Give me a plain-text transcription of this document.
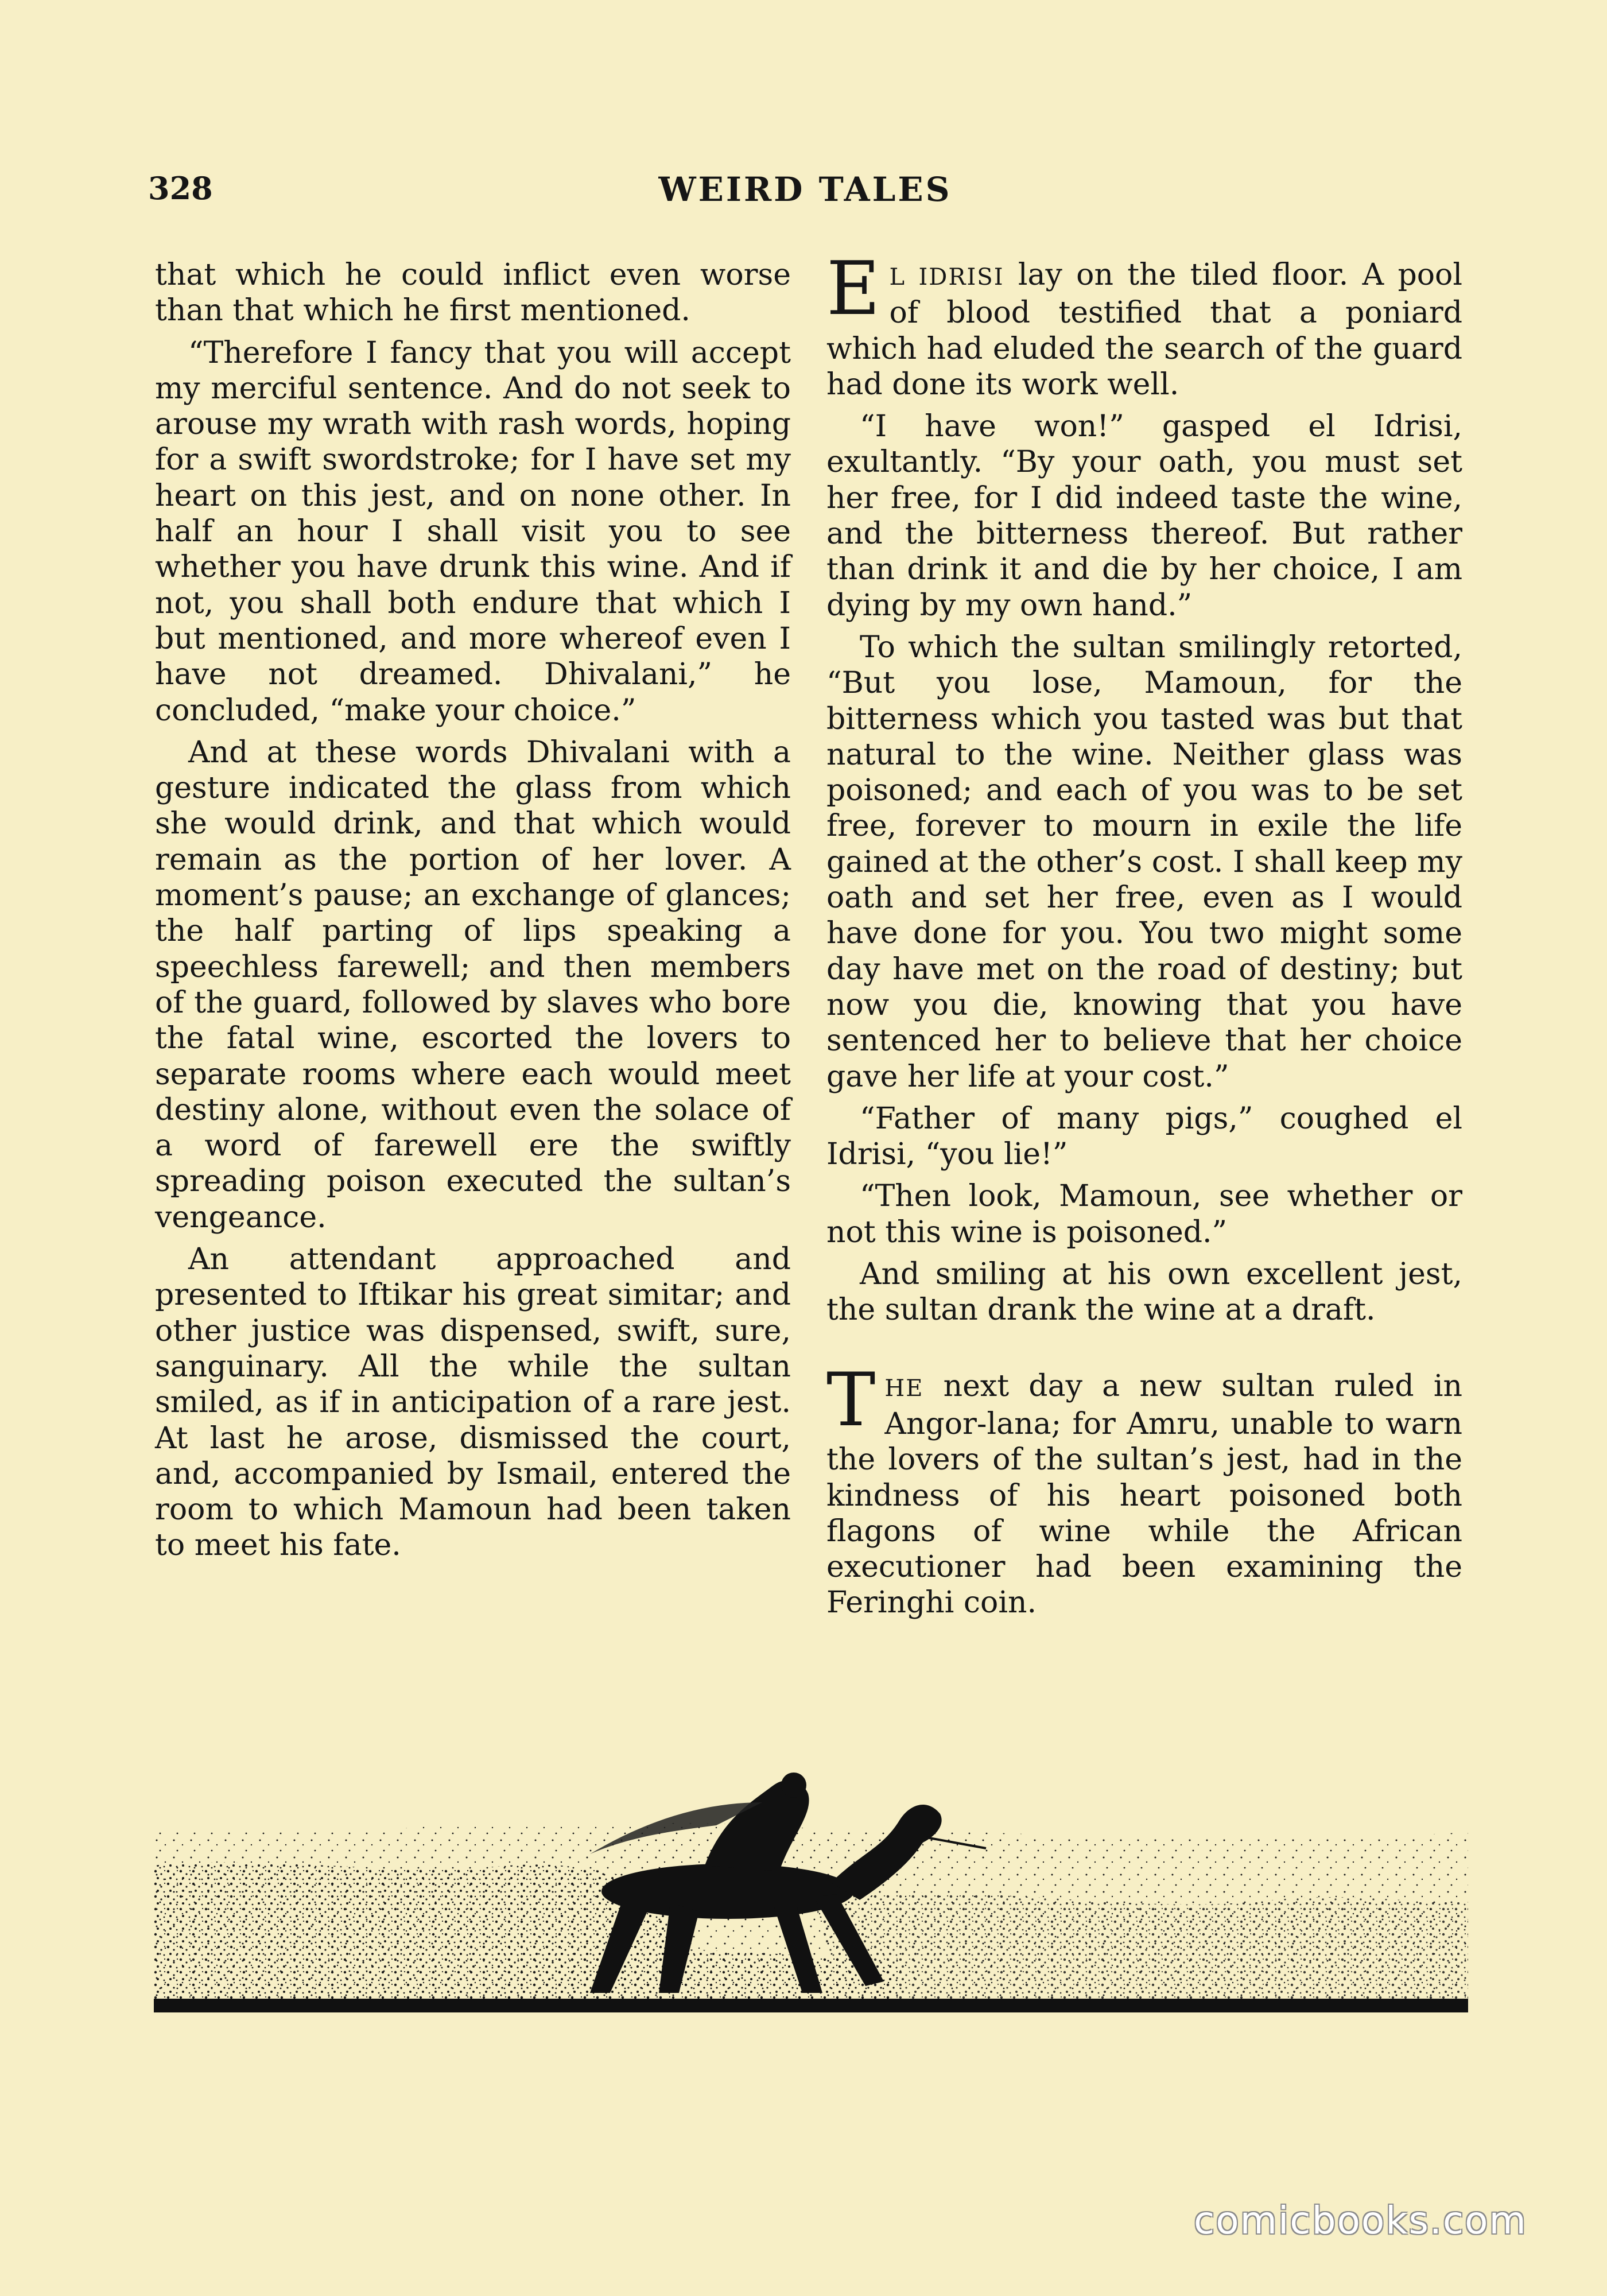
328	WEIRD TALES

that which he could inflict even worse than that which he first mentioned.

“Therefore I fancy that you will accept my merciful sentence. And do not seek to arouse my wrath with rash words, hoping for a swift swordstroke; for I have set my heart on this jest, and on none other. In half an hour I shall visit you to see whether you have drunk this wine. And if not, you shall both endure that which I but mentioned, and more whereof even I have not dreamed. Dhivalani,” he concluded, “make your choice.”

And at these words Dhivalani with a gesture indicated the glass from which she would drink, and that which would remain as the portion of her lover. A moment’s pause; an exchange of glances; the half parting of lips speaking a speechless farewell; and then members of the guard, followed by slaves who bore the fatal wine, escorted the lovers to separate rooms where each would meet destiny alone, without even the solace of a word of farewell ere the swiftly spreading poison executed the sultan’s vengeance.

An attendant approached and presented to Iftikar his great simitar; and other justice was dispensed, swift, sure, sanguinary. All the while the sultan smiled, as if in anticipation of a rare jest. At last he arose, dismissed the court, and, accompanied by Ismail, entered the room to which Mamoun had been taken to meet his fate.

E L IDRISI lay on the tiled floor. A pool of blood testified that a poniard which had eluded the search of the guard had done its work well.

“I have won!” gasped el Idrisi, exultantly. “By your oath, you must set her free, for I did indeed taste the wine, and the bitterness thereof. But rather than drink it and die by her choice, I am dying by my own hand.”

To which the sultan smilingly retorted, “But you lose, Mamoun, for the bitterness which you tasted was but that natural to the wine. Neither glass was poisoned; and each of you was to be set free, forever to mourn in exile the life gained at the other’s cost. I shall keep my oath and set her free, even as I would have done for you. You two might some day have met on the road of destiny; but now you die, knowing that you have sentenced her to believe that her choice gave her life at your cost.”

“Father of many pigs,” coughed el Idrisi, “you lie!”

“Then look, Mamoun, see whether or not this wine is poisoned.”

And smiling at his own excellent jest, the sultan drank the wine at a draft.

THE next day a new sultan ruled in Angor-lana; for Amru, unable to warn the lovers of the sultan’s jest, had in the kindness of his heart poisoned both flagons of wine while the African executioner had been examining the Feringhi coin.

comicbooks.com
